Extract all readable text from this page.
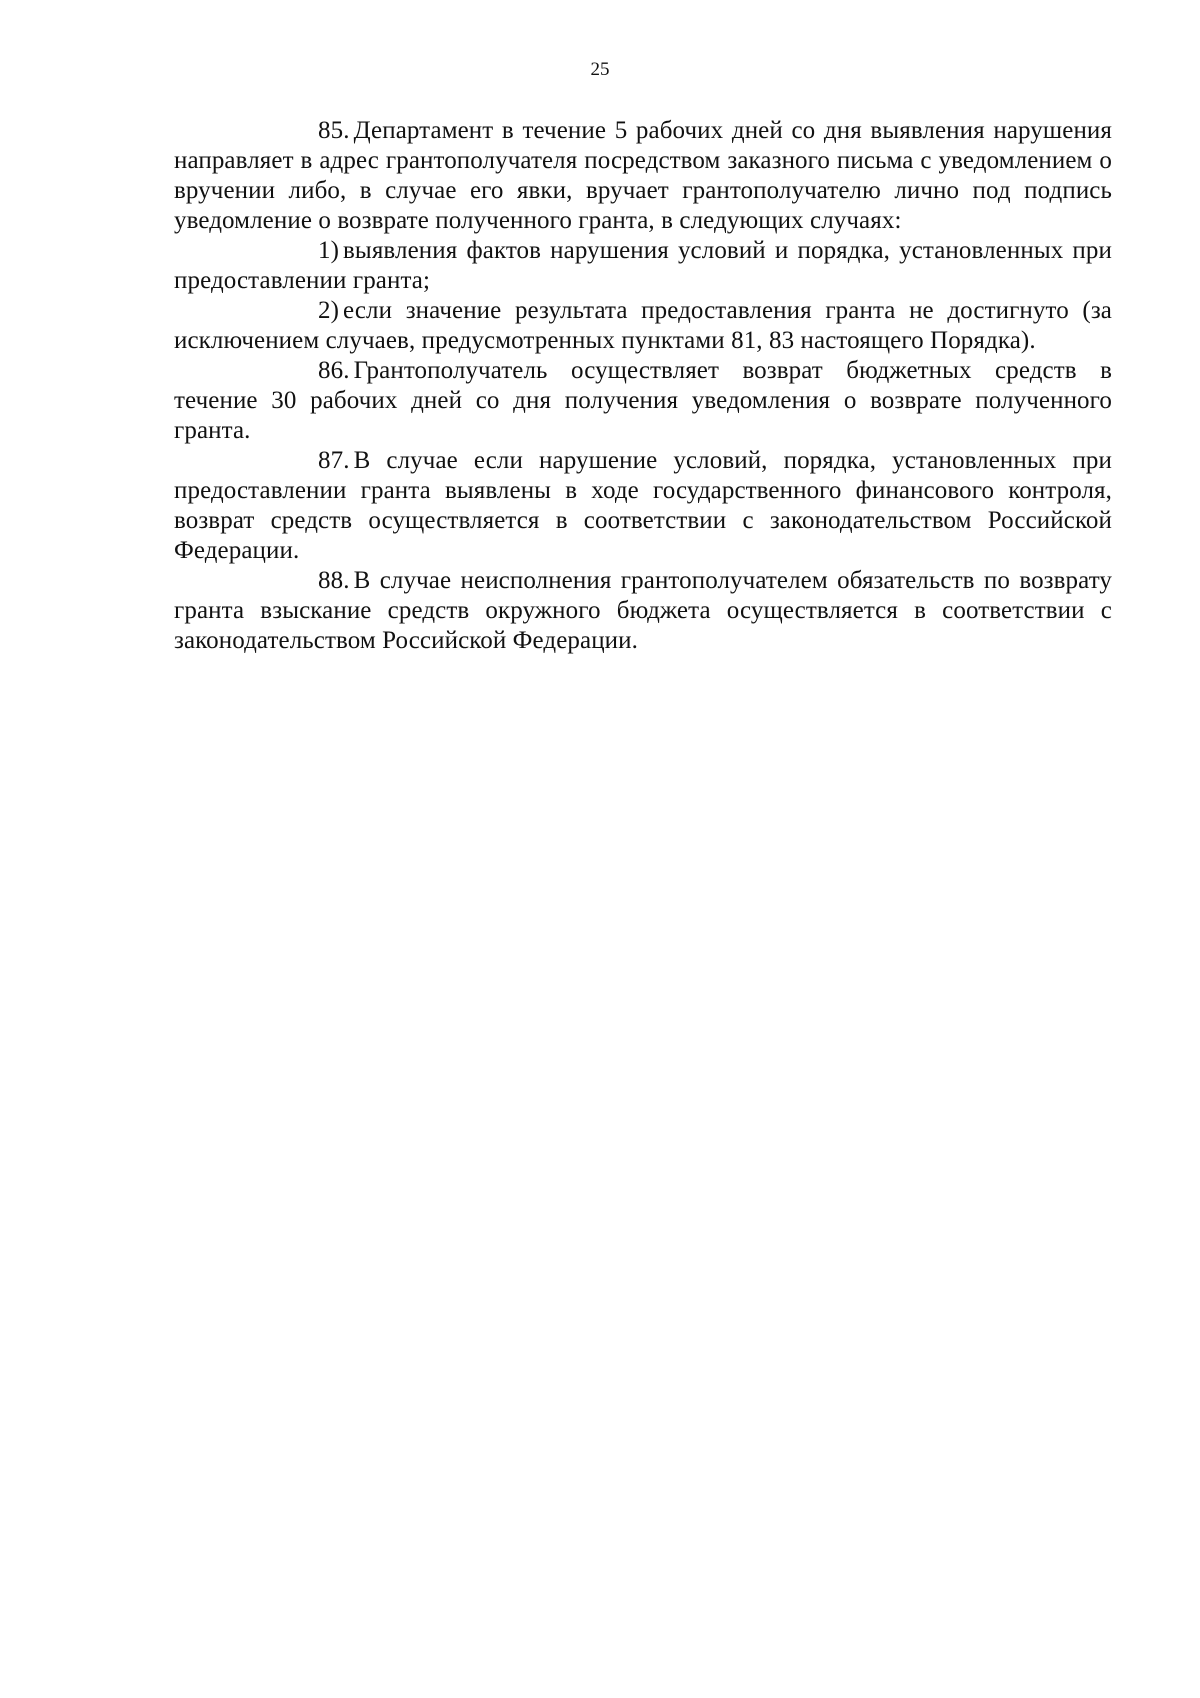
25

85. Департамент в течение 5 рабочих дней со дня выявления нарушения направляет в адрес грантополучателя посредством заказного письма с уведомлением о вручении либо, в случае его явки, вручает грантополучателю лично под подпись уведомление о возврате полученного гранта, в следующих случаях:

1) выявления фактов нарушения условий и порядка, установленных при предоставлении гранта;

2) если значение результата предоставления гранта не достигнуто (за исключением случаев, предусмотренных пунктами 81, 83 настоящего Порядка).

86. Грантополучатель осуществляет возврат бюджетных средств в течение 30 рабочих дней со дня получения уведомления о возврате полученного гранта.

87. В случае если нарушение условий, порядка, установленных при предоставлении гранта выявлены в ходе государственного финансового контроля, возврат средств осуществляется в соответствии с законодательством Российской Федерации.

88. В случае неисполнения грантополучателем обязательств по возврату гранта взыскание средств окружного бюджета осуществляется в соответствии с законодательством Российской Федерации.
